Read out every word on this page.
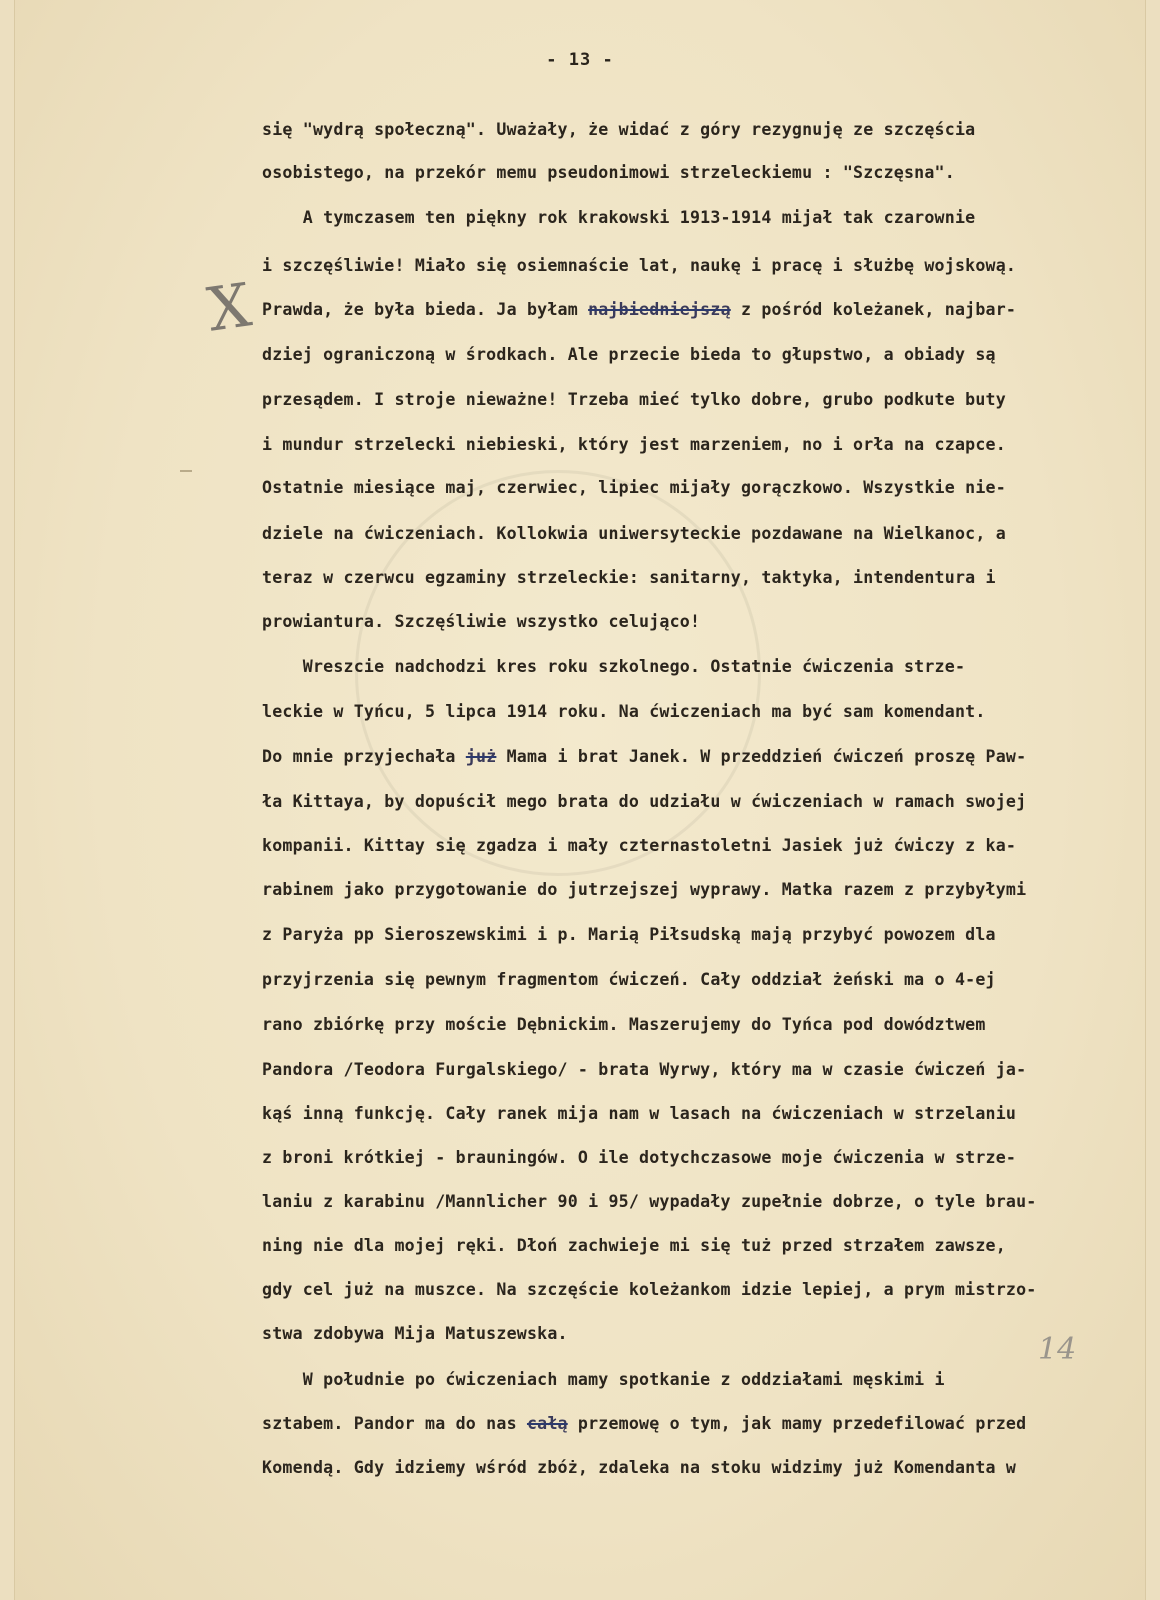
- 13 -
X
14
się "wydrą społeczną". Uważały, że widać z góry rezygnuję ze szczęścia
osobistego, na przekór memu pseudonimowi strzeleckiemu : "Szczęsna".
A tymczasem ten piękny rok krakowski 1913-1914 mijał tak czarownie
i szczęśliwie! Miało się osiemnaście lat, naukę i pracę i służbę wojskową.
Prawda, że była bieda. Ja byłam najbiedniejszą z pośród koleżanek, najbar-
dziej ograniczoną w środkach. Ale przecie bieda to głupstwo, a obiady są
przesądem. I stroje nieważne! Trzeba mieć tylko dobre, grubo podkute buty
i mundur strzelecki niebieski, który jest marzeniem, no i orła na czapce.
Ostatnie miesiące maj, czerwiec, lipiec mijały gorączkowo. Wszystkie nie-
dziele na ćwiczeniach. Kollokwia uniwersyteckie pozdawane na Wielkanoc, a
teraz w czerwcu egzaminy strzeleckie: sanitarny, taktyka, intendentura i
prowiantura. Szczęśliwie wszystko celująco!
Wreszcie nadchodzi kres roku szkolnego. Ostatnie ćwiczenia strze-
leckie w Tyńcu, 5 lipca 1914 roku. Na ćwiczeniach ma być sam komendant.
Do mnie przyjechała już Mama i brat Janek. W przeddzień ćwiczeń proszę Paw-
ła Kittaya, by dopuścił mego brata do udziału w ćwiczeniach w ramach swojej
kompanii. Kittay się zgadza i mały czternastoletni Jasiek już ćwiczy z ka-
rabinem jako przygotowanie do jutrzejszej wyprawy. Matka razem z przybyłymi
z Paryża pp Sieroszewskimi i p. Marią Piłsudską mają przybyć powozem dla
przyjrzenia się pewnym fragmentom ćwiczeń. Cały oddział żeński ma o 4-ej
rano zbiórkę przy moście Dębnickim. Maszerujemy do Tyńca pod dowództwem
Pandora /Teodora Furgalskiego/ - brata Wyrwy, który ma w czasie ćwiczeń ja-
kąś inną funkcję. Cały ranek mija nam w lasach na ćwiczeniach w strzelaniu
z broni krótkiej - brauningów. O ile dotychczasowe moje ćwiczenia w strze-
laniu z karabinu /Mannlicher 90 i 95/ wypadały zupełnie dobrze, o tyle brau-
ning nie dla mojej ręki. Dłoń zachwieje mi się tuż przed strzałem zawsze,
gdy cel już na muszce. Na szczęście koleżankom idzie lepiej, a prym mistrzo-
stwa zdobywa Mija Matuszewska.
W południe po ćwiczeniach mamy spotkanie z oddziałami męskimi i
sztabem. Pandor ma do nas całą przemowę o tym, jak mamy przedefilować przed
Komendą. Gdy idziemy wśród zbóż, zdaleka na stoku widzimy już Komendanta w
